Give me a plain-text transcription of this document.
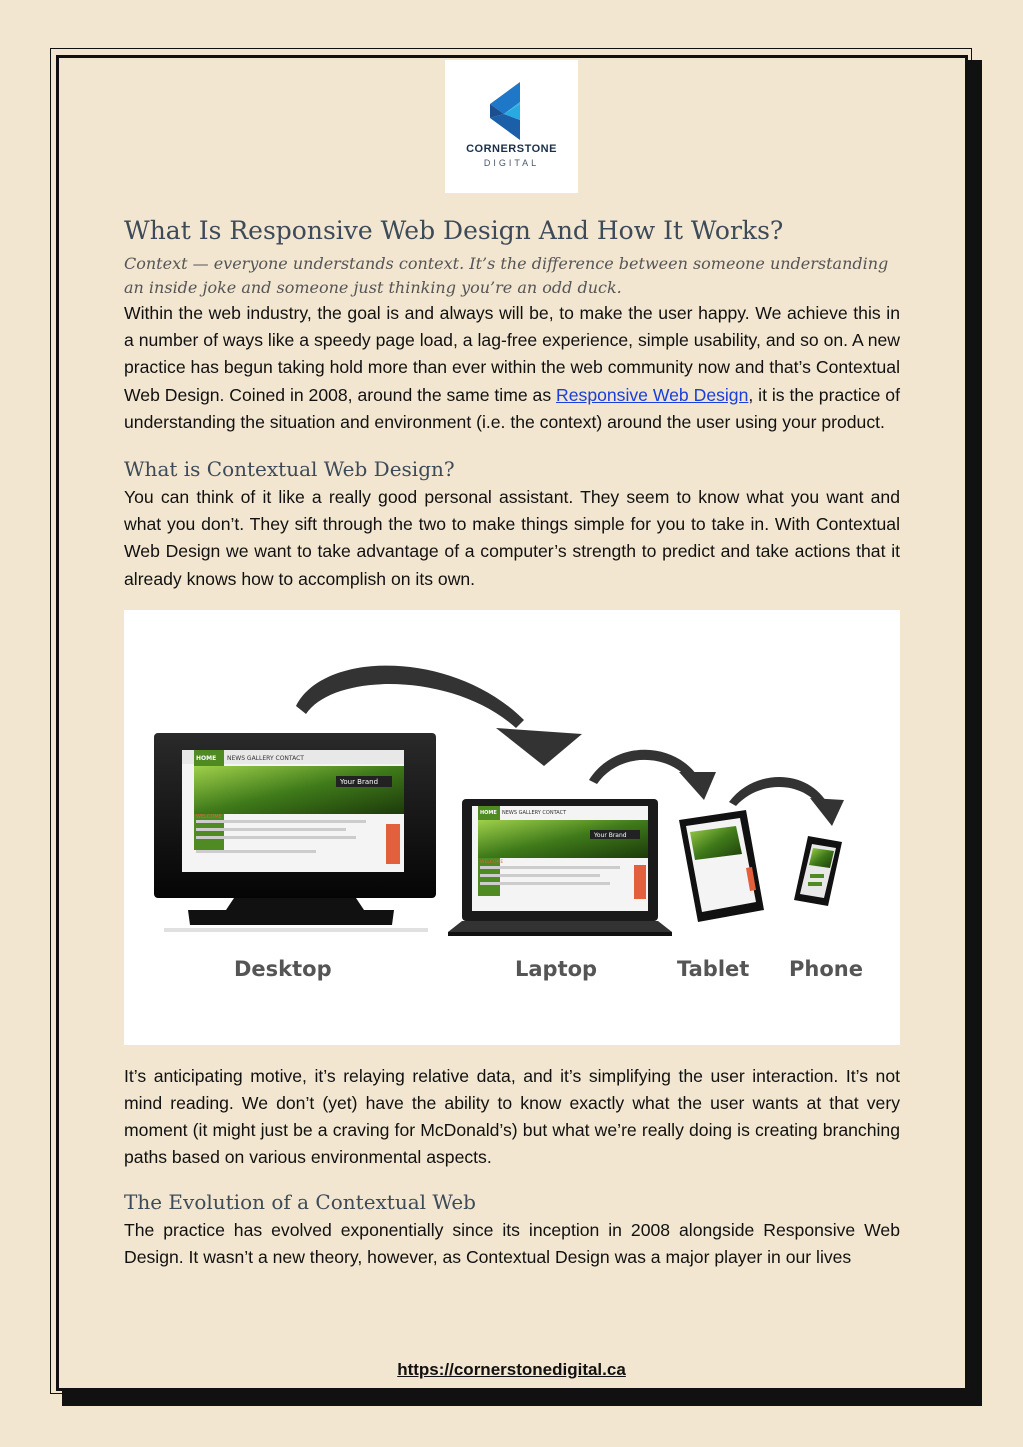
CORNERSTONE
DIGITAL
What Is Responsive Web Design And How It Works?

Context — everyone understands context. It’s the difference between someone understanding an inside joke and someone just thinking you’re an odd duck.

Within the web industry, the goal is and always will be, to make the user happy. We achieve this in a number of ways like a speedy page load, a lag-free experience, simple usability, and so on. A new practice has begun taking hold more than ever within the web community now and that’s Contextual Web Design. Coined in 2008, around the same time as Responsive Web Design, it is the practice of understanding the situation and environment (i.e. the context) around the user using your product.

What is Contextual Web Design?

You can think of it like a really good personal assistant. They seem to know what you want and what you don’t. They sift through the two to make things simple for you to take in. With Contextual Web Design we want to take advantage of a computer’s strength to predict and take actions that it already knows how to accomplish on its own.

HOME NEWS GALLERY CONTACT
Your Brand
WELCOME
HOME NEWS GALLERY CONTACT
Your Brand
WELCOME
Desktop	Laptop	Tablet Phone

It’s anticipating motive, it’s relaying relative data, and it’s simplifying the user interaction. It’s not mind reading. We don’t (yet) have the ability to know exactly what the user wants at that very moment (it might just be a craving for McDonald’s) but what we’re really doing is creating branching paths based on various environmental aspects.

The Evolution of a Contextual Web

The practice has evolved exponentially since its inception in 2008 alongside Responsive Web Design. It wasn’t a new theory, however, as Contextual Design was a major player in our lives

https://cornerstonedigital.ca
